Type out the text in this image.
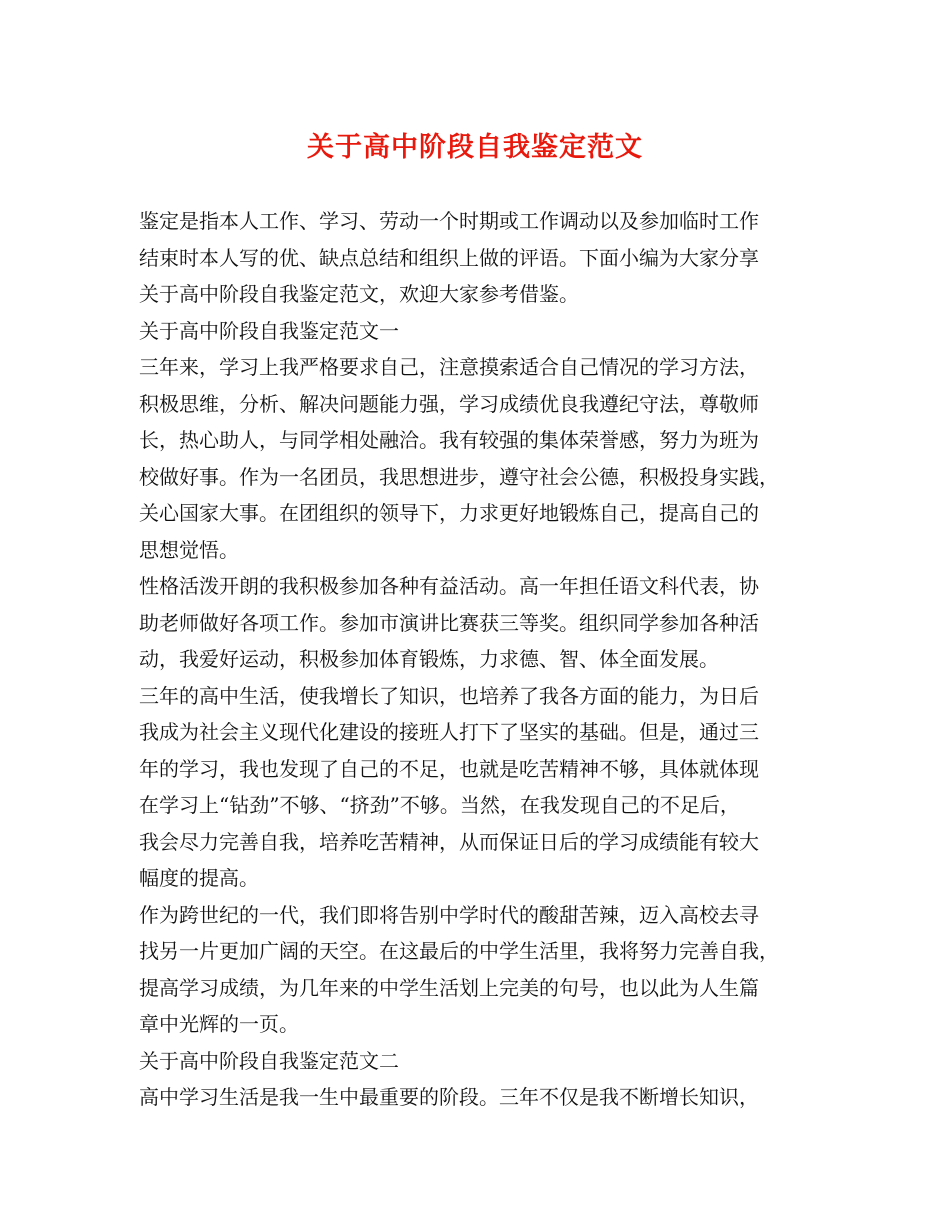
关于高中阶段自我鉴定范文
鉴定是指本人工作、学习、劳动一个时期或工作调动以及参加临时工作
结束时本人写的优、缺点总结和组织上做的评语。下面小编为大家分享
关于高中阶段自我鉴定范文，欢迎大家参考借鉴。
关于高中阶段自我鉴定范文一
三年来，学习上我严格要求自己，注意摸索适合自己情况的学习方法，
积极思维，分析、解决问题能力强，学习成绩优良我遵纪守法，尊敬师
长，热心助人，与同学相处融洽。我有较强的集体荣誉感，努力为班为
校做好事。作为一名团员，我思想进步，遵守社会公德，积极投身实践，
关心国家大事。在团组织的领导下，力求更好地锻炼自己，提高自己的
思想觉悟。
性格活泼开朗的我积极参加各种有益活动。高一年担任语文科代表，协
助老师做好各项工作。参加市演讲比赛获三等奖。组织同学参加各种活
动，我爱好运动，积极参加体育锻炼，力求德、智、体全面发展。
三年的高中生活，使我增长了知识，也培养了我各方面的能力，为日后
我成为社会主义现代化建设的接班人打下了坚实的基础。但是，通过三
年的学习，我也发现了自己的不足，也就是吃苦精神不够，具体就体现
在学习上“钻劲”不够、“挤劲”不够。当然，在我发现自己的不足后，
我会尽力完善自我，培养吃苦精神，从而保证日后的学习成绩能有较大
幅度的提高。
作为跨世纪的一代，我们即将告别中学时代的酸甜苦辣，迈入高校去寻
找另一片更加广阔的天空。在这最后的中学生活里，我将努力完善自我，
提高学习成绩，为几年来的中学生活划上完美的句号，也以此为人生篇
章中光辉的一页。
关于高中阶段自我鉴定范文二
高中学习生活是我一生中最重要的阶段。三年不仅是我不断增长知识，
